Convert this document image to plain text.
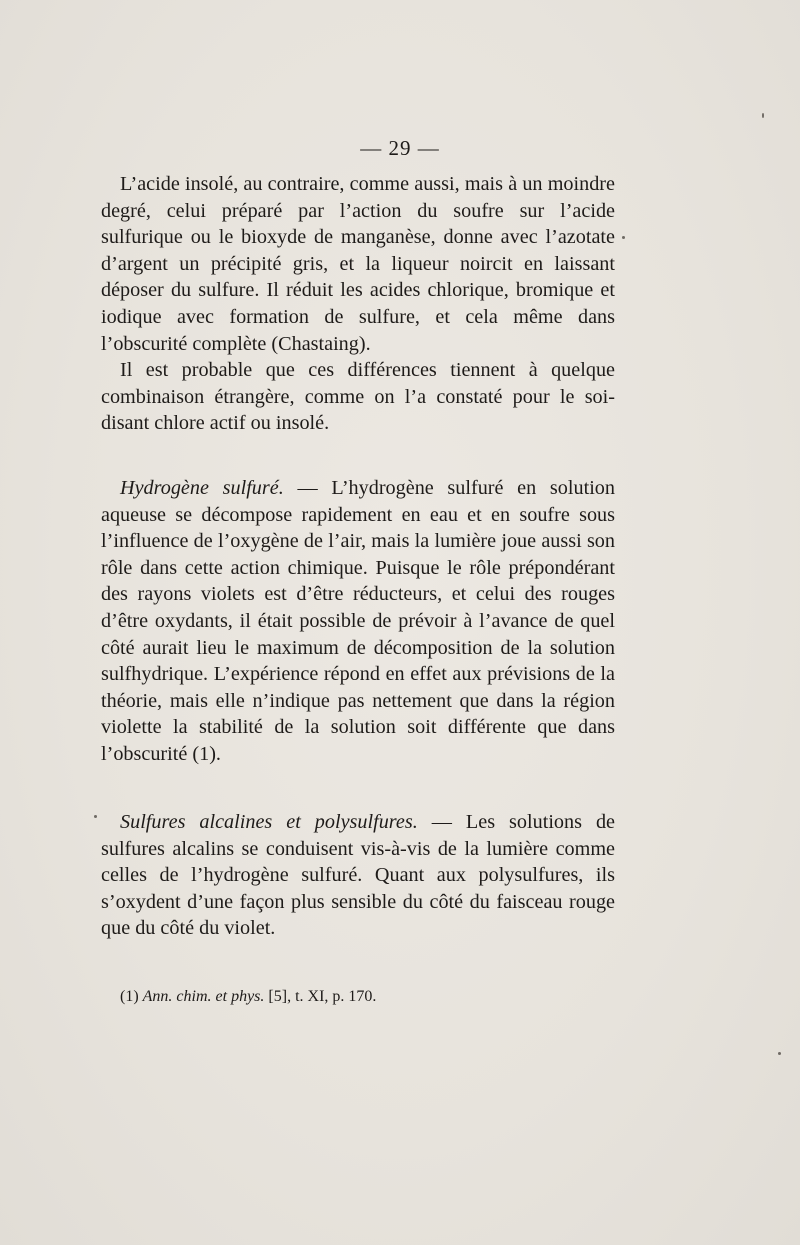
— 29 —

L’acide insolé, au contraire, comme aussi, mais à un moindre degré, celui préparé par l’action du soufre sur l’acide sulfurique ou le bioxyde de manganèse, donne avec l’azotate d’argent un précipité gris, et la liqueur noircit en laissant déposer du sulfure. Il réduit les acides chlorique, bromique et iodique avec formation de sulfure, et cela même dans l’obscurité complète (Chastaing).

Il est probable que ces différences tiennent à quelque combinaison étrangère, comme on l’a constaté pour le soi-disant chlore actif ou insolé.

Hydrogène sulfuré. — L’hydrogène sulfuré en solution aqueuse se décompose rapidement en eau et en soufre sous l’influence de l’oxygène de l’air, mais la lumière joue aussi son rôle dans cette action chimique. Puisque le rôle prépondérant des rayons violets est d’être réducteurs, et celui des rouges d’être oxydants, il était possible de prévoir à l’avance de quel côté aurait lieu le maximum de décomposition de la solution sulfhydrique. L’expérience répond en effet aux prévisions de la théorie, mais elle n’indique pas nettement que dans la région violette la stabilité de la solution soit différente que dans l’obscurité (1).

Sulfures alcalines et polysulfures. — Les solutions de sulfures alcalins se conduisent vis-à-vis de la lumière comme celles de l’hydrogène sulfuré. Quant aux polysulfures, ils s’oxydent d’une façon plus sensible du côté du faisceau rouge que du côté du violet.

(1) Ann. chim. et phys. [5], t. XI, p. 170.
